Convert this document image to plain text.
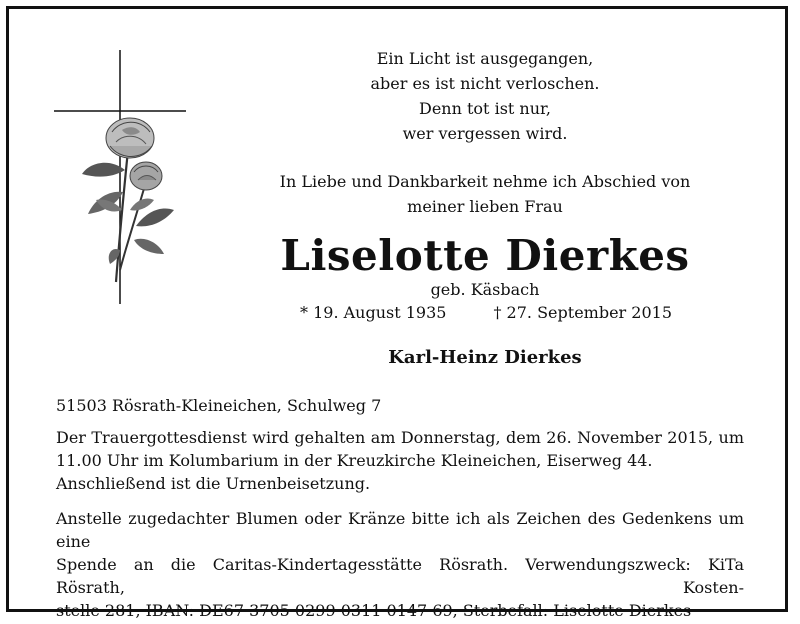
Ein Licht ist ausgegangen,
aber es ist nicht verloschen.
Denn tot ist nur,
wer vergessen wird.
In Liebe und Dankbarkeit nehme ich Abschied von
meiner lieben Frau
Liselotte Dierkes
geb. Käsbach
* 19. August 1935	† 27. September 2015
Karl-Heinz Dierkes
51503 Rösrath-Kleineichen, Schulweg 7
Der Trauergottesdienst wird gehalten am Donnerstag, dem 26. November 2015, um
11.00 Uhr im Kolumbarium in der Kreuzkirche Kleineichen, Eiserweg 44.
Anschließend ist die Urnenbeisetzung.
Anstelle zugedachter Blumen oder Kränze bitte ich als Zeichen des Gedenkens um eine
Spende an die Caritas-Kindertagesstätte Rösrath. Verwendungszweck: KiTa Rösrath, Kosten-
stelle 281, IBAN: DE67 3705 0299 0311 0147 69, Sterbefall: Liselotte Dierkes
